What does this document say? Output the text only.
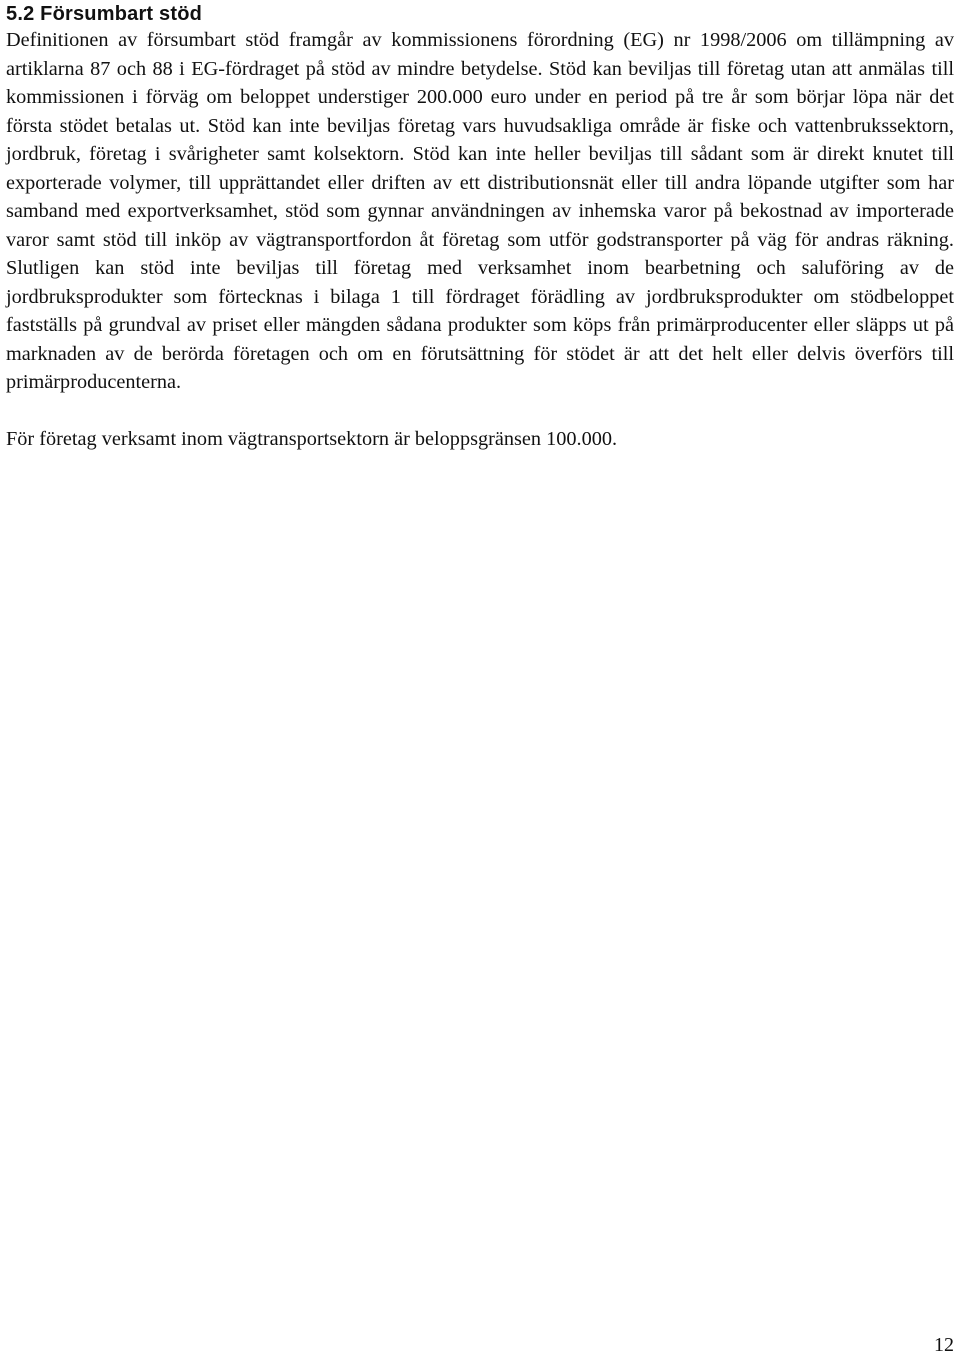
5.2 Försumbart stöd

Definitionen av försumbart stöd framgår av kommissionens förordning (EG) nr 1998/2006 om tillämpning av artiklarna 87 och 88 i EG-fördraget på stöd av mindre betydelse. Stöd kan beviljas till företag utan att anmälas till kommissionen i förväg om beloppet understiger 200.000 euro under en period på tre år som börjar löpa när det första stödet betalas ut. Stöd kan inte beviljas företag vars huvudsakliga område är fiske och vattenbrukssektorn, jordbruk, företag i svårigheter samt kolsektorn. Stöd kan inte heller beviljas till sådant som är direkt knutet till exporterade volymer, till upprättandet eller driften av ett distributionsnät eller till andra löpande utgifter som har samband med exportverksamhet, stöd som gynnar användningen av inhemska varor på bekostnad av importerade varor samt stöd till inköp av vägtransportfordon åt företag som utför godstransporter på väg för andras räkning. Slutligen kan stöd inte beviljas till företag med verksamhet inom bearbetning och saluföring av de jordbruksprodukter som förtecknas i bilaga 1 till fördraget förädling av jordbruksprodukter om stödbeloppet fastställs på grundval av priset eller mängden sådana produkter som köps från primärproducenter eller släpps ut på marknaden av de berörda företagen och om en förutsättning för stödet är att det helt eller delvis överförs till primärproducenterna.

För företag verksamt inom vägtransportsektorn är beloppsgränsen 100.000.

12
